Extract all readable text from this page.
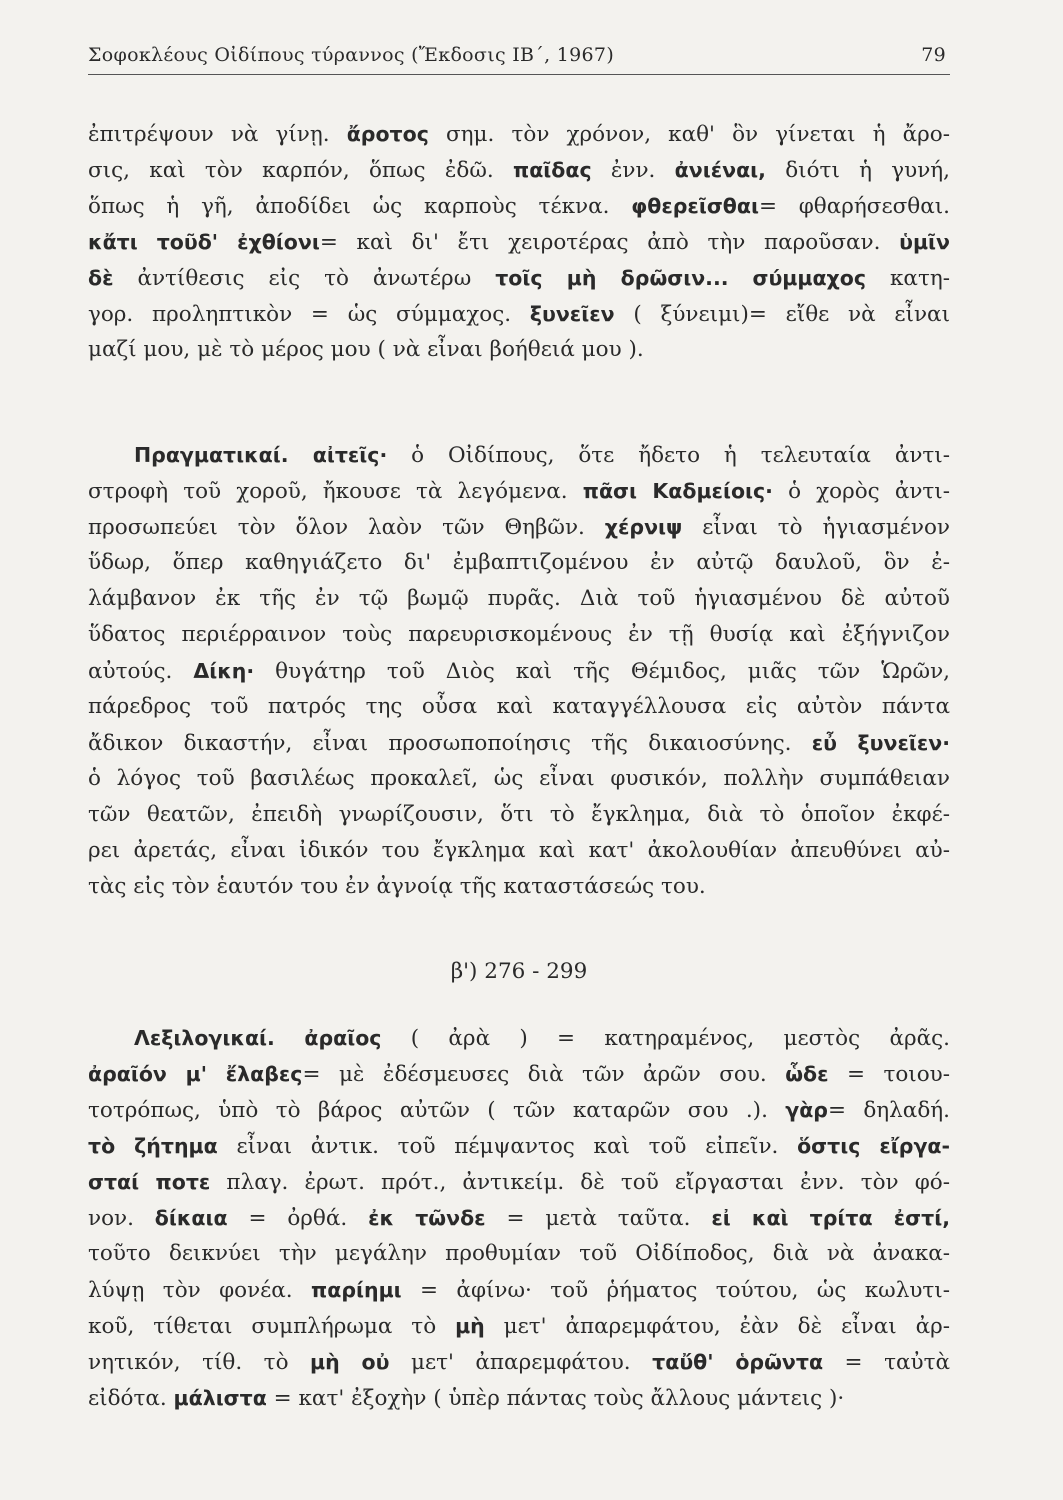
Σοφοκλέους Οἰδίπους τύραννος (Ἔκδοσις ΙΒ΄, 1967)	79
ἐπιτρέψουν νὰ γίνῃ. ἄροτος σημ. τὸν χρόνον, καθ' ὃν γίνεται ἡ ἄρο-
σις, καὶ τὸν καρπόν, ὅπως ἐδῶ. παῖδας ἐνν. ἀνιέναι, διότι ἡ γυνή,
ὅπως ἡ γῆ, ἀποδίδει ὡς καρποὺς τέκνα. φθερεῖσθαι= φθαρήσεσθαι.
κἄτι τοῦδ' ἐχθίονι= καὶ δι' ἔτι χειροτέρας ἀπὸ τὴν παροῦσαν. ὑμῖν
δὲ ἀντίθεσις εἰς τὸ ἀνωτέρω τοῖς μὴ δρῶσιν... σύμμαχος κατη-
γορ. προληπτικὸν = ὡς σύμμαχος. ξυνεῖεν ( ξύνειμι)= εἴθε νὰ εἶναι
μαζί μου, μὲ τὸ μέρος μου ( νὰ εἶναι βοήθειά μου ).
Πραγματικαί. αἰτεῖς· ὁ Οἰδίπους, ὅτε ἤδετο ἡ τελευταία ἀντι-
στροφὴ τοῦ χοροῦ, ἤκουσε τὰ λεγόμενα. πᾶσι Καδμείοις· ὁ χορὸς ἀντι-
προσωπεύει τὸν ὅλον λαὸν τῶν Θηβῶν. χέρνιψ εἶναι τὸ ἡγιασμένον
ὕδωρ, ὅπερ καθηγιάζετο δι' ἐμβαπτιζομένου ἐν αὐτῷ δαυλοῦ, ὃν ἐ-
λάμβανον ἐκ τῆς ἐν τῷ βωμῷ πυρᾶς. Διὰ τοῦ ἡγιασμένου δὲ αὐτοῦ
ὕδατος περιέρραινον τοὺς παρευρισκομένους ἐν τῇ θυσίᾳ καὶ ἐξήγνιζον
αὐτούς. Δίκη· θυγάτηρ τοῦ Διὸς καὶ τῆς Θέμιδος, μιᾶς τῶν Ὡρῶν,
πάρεδρος τοῦ πατρός της οὖσα καὶ καταγγέλλουσα εἰς αὐτὸν πάντα
ἄδικον δικαστήν, εἶναι προσωποποίησις τῆς δικαιοσύνης. εὖ ξυνεῖεν·
ὁ λόγος τοῦ βασιλέως προκαλεῖ, ὡς εἶναι φυσικόν, πολλὴν συμπάθειαν
τῶν θεατῶν, ἐπειδὴ γνωρίζουσιν, ὅτι τὸ ἔγκλημα, διὰ τὸ ὁποῖον ἐκφέ-
ρει ἀρετάς, εἶναι ἰδικόν του ἔγκλημα καὶ κατ' ἀκολουθίαν ἀπευθύνει αὐ-
τὰς εἰς τὸν ἑαυτόν του ἐν ἀγνοίᾳ τῆς καταστάσεώς του.
β') 276 - 299
Λεξιλογικαί. ἀραῖος ( ἀρὰ ) = κατηραμένος, μεστὸς ἀρᾶς.
ἀραῖόν μ' ἔλαβες= μὲ ἐδέσμευσες διὰ τῶν ἀρῶν σου. ὧδε = τοιου-
τοτρόπως, ὑπὸ τὸ βάρος αὐτῶν ( τῶν καταρῶν σου .). γὰρ= δηλαδή.
τὸ ζήτημα εἶναι ἀντικ. τοῦ πέμψαντος καὶ τοῦ εἰπεῖν. ὅστις εἴργα-
σταί ποτε πλαγ. ἐρωτ. πρότ., ἀντικείμ. δὲ τοῦ εἴργασται ἐνν. τὸν φό-
νον. δίκαια = ὀρθά. ἐκ τῶνδε = μετὰ ταῦτα. εἰ καὶ τρίτα ἐστί,
τοῦτο δεικνύει τὴν μεγάλην προθυμίαν τοῦ Οἰδίποδος, διὰ νὰ ἀνακα-
λύψῃ τὸν φονέα. παρίημι = ἀφίνω· τοῦ ῥήματος τούτου, ὡς κωλυτι-
κοῦ, τίθεται συμπλήρωμα τὸ μὴ μετ' ἀπαρεμφάτου, ἐὰν δὲ εἶναι ἀρ-
νητικόν, τίθ. τὸ μὴ οὐ μετ' ἀπαρεμφάτου. ταὔθ' ὁρῶντα = ταὐτὰ
εἰδότα. μάλιστα = κατ' ἐξοχὴν ( ὑπὲρ πάντας τοὺς ἄλλους μάντεις )·
